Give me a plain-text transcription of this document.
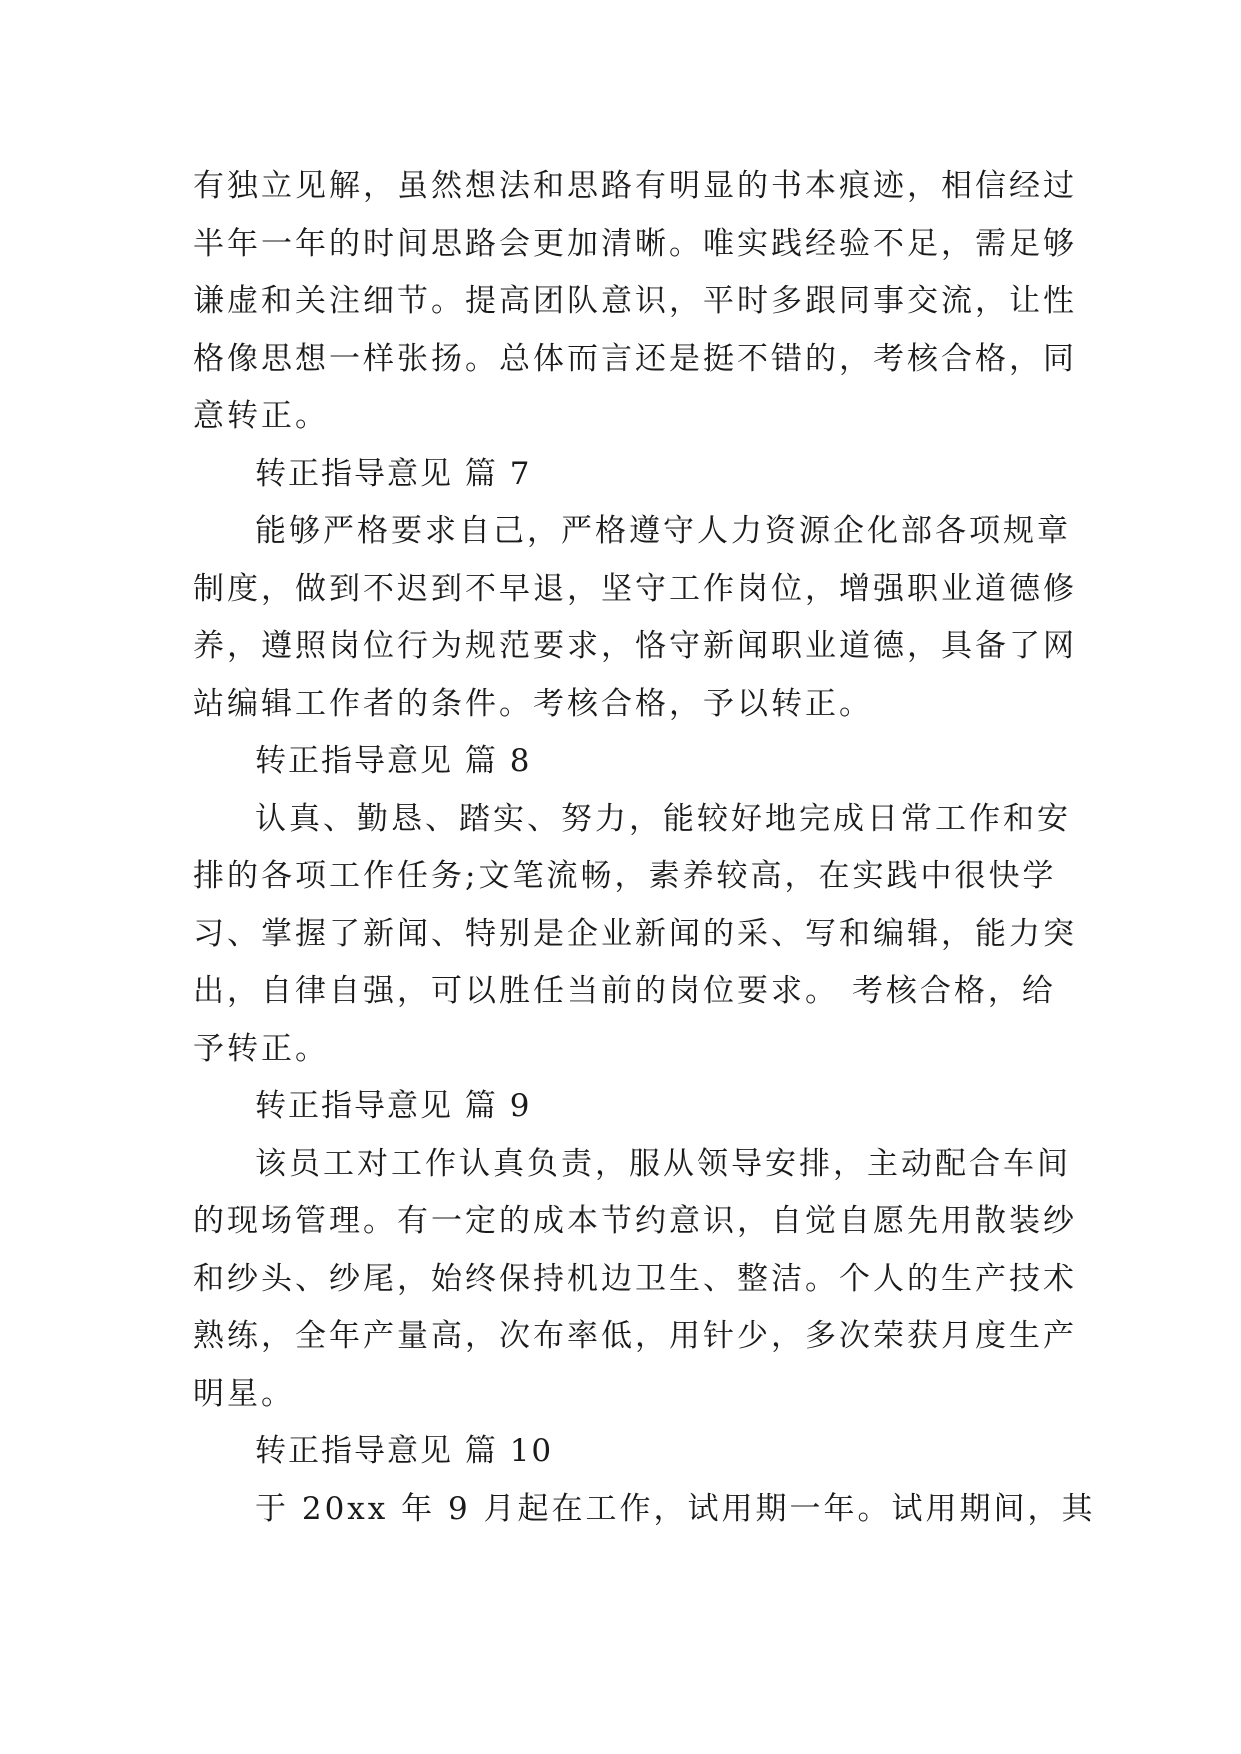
有独立见解，虽然想法和思路有明显的书本痕迹，相信经过
半年一年的时间思路会更加清晰。唯实践经验不足，需足够
谦虚和关注细节。提高团队意识，平时多跟同事交流，让性
格像思想一样张扬。总体而言还是挺不错的，考核合格，同
意转正。
转正指导意见 篇 7
能够严格要求自己，严格遵守人力资源企化部各项规章
制度，做到不迟到不早退，坚守工作岗位，增强职业道德修
养，遵照岗位行为规范要求，恪守新闻职业道德，具备了网
站编辑工作者的条件。考核合格，予以转正。
转正指导意见 篇 8
认真、勤恳、踏实、努力，能较好地完成日常工作和安
排的各项工作任务;文笔流畅，素养较高，在实践中很快学
习、掌握了新闻、特别是企业新闻的采、写和编辑，能力突
出，自律自强，可以胜任当前的岗位要求。 考核合格，给
予转正。
转正指导意见 篇 9
该员工对工作认真负责，服从领导安排，主动配合车间
的现场管理。有一定的成本节约意识，自觉自愿先用散装纱
和纱头、纱尾，始终保持机边卫生、整洁。个人的生产技术
熟练，全年产量高，次布率低，用针少，多次荣获月度生产
明星。
转正指导意见 篇 10
于 20xx 年 9 月起在工作，试用期一年。试用期间，其
